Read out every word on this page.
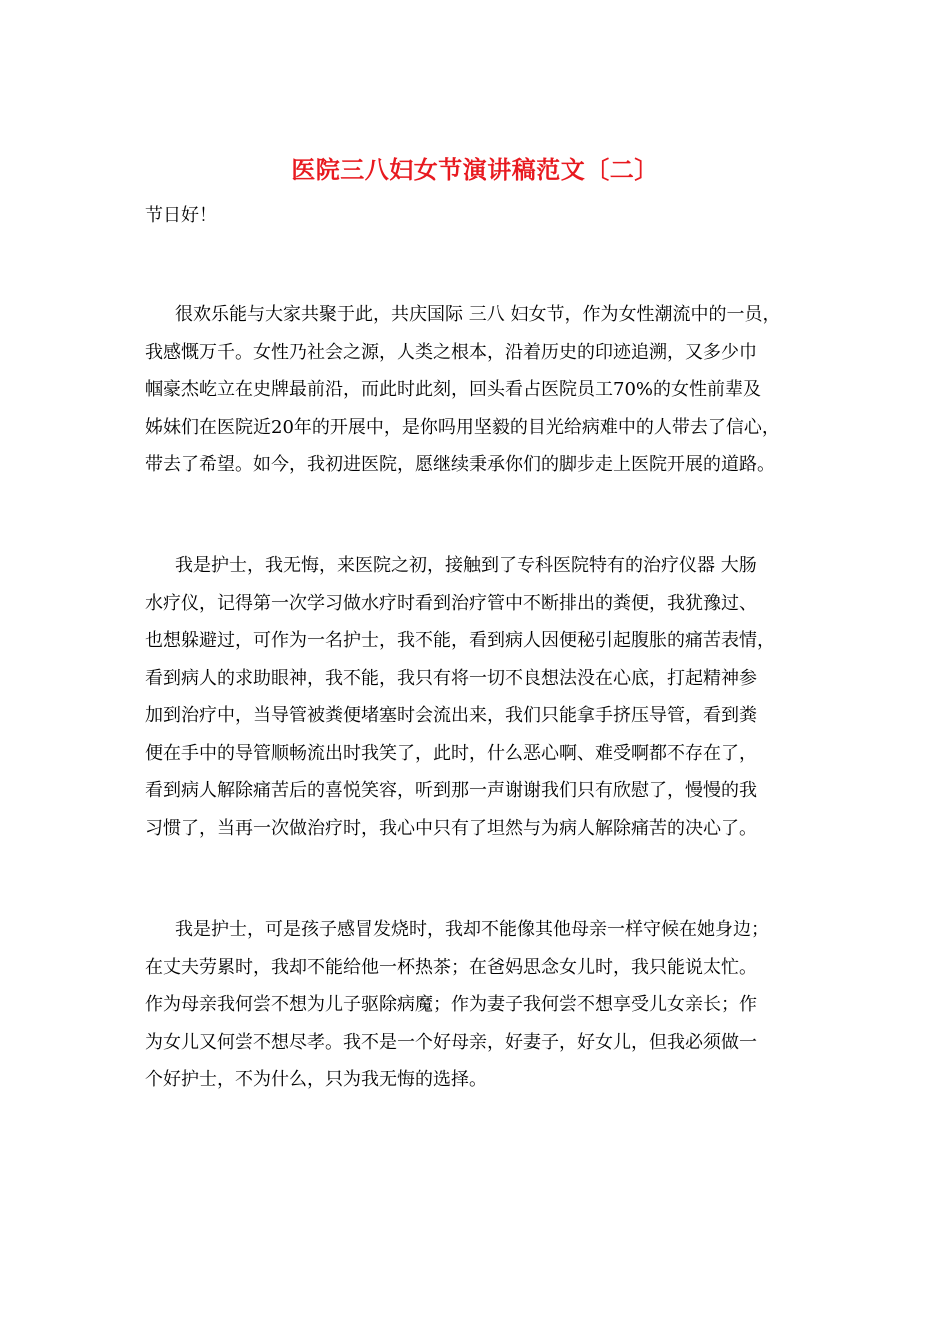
医院三八妇女节演讲稿范文〔二〕
节日好！
很欢乐能与大家共聚于此，共庆国际 三八 妇女节，作为女性潮流中的一员，
我感慨万千。女性乃社会之源，人类之根本，沿着历史的印迹追溯，又多少巾
帼豪杰屹立在史牌最前沿，而此时此刻，回头看占医院员工70%的女性前辈及
姊妹们在医院近20年的开展中，是你吗用坚毅的目光给病难中的人带去了信心，
带去了希望。如今，我初进医院，愿继续秉承你们的脚步走上医院开展的道路。
我是护士，我无悔，来医院之初，接触到了专科医院特有的治疗仪器 大肠
水疗仪，记得第一次学习做水疗时看到治疗管中不断排出的粪便，我犹豫过、
也想躲避过，可作为一名护士，我不能，看到病人因便秘引起腹胀的痛苦表情，
看到病人的求助眼神，我不能，我只有将一切不良想法没在心底，打起精神参
加到治疗中，当导管被粪便堵塞时会流出来，我们只能拿手挤压导管，看到粪
便在手中的导管顺畅流出时我笑了，此时，什么恶心啊、难受啊都不存在了，
看到病人解除痛苦后的喜悦笑容，听到那一声谢谢我们只有欣慰了，慢慢的我
习惯了，当再一次做治疗时，我心中只有了坦然与为病人解除痛苦的决心了。
我是护士，可是孩子感冒发烧时，我却不能像其他母亲一样守候在她身边；
在丈夫劳累时，我却不能给他一杯热茶；在爸妈思念女儿时，我只能说太忙。
作为母亲我何尝不想为儿子驱除病魔；作为妻子我何尝不想享受儿女亲长；作
为女儿又何尝不想尽孝。我不是一个好母亲，好妻子，好女儿，但我必须做一
个好护士，不为什么，只为我无悔的选择。
